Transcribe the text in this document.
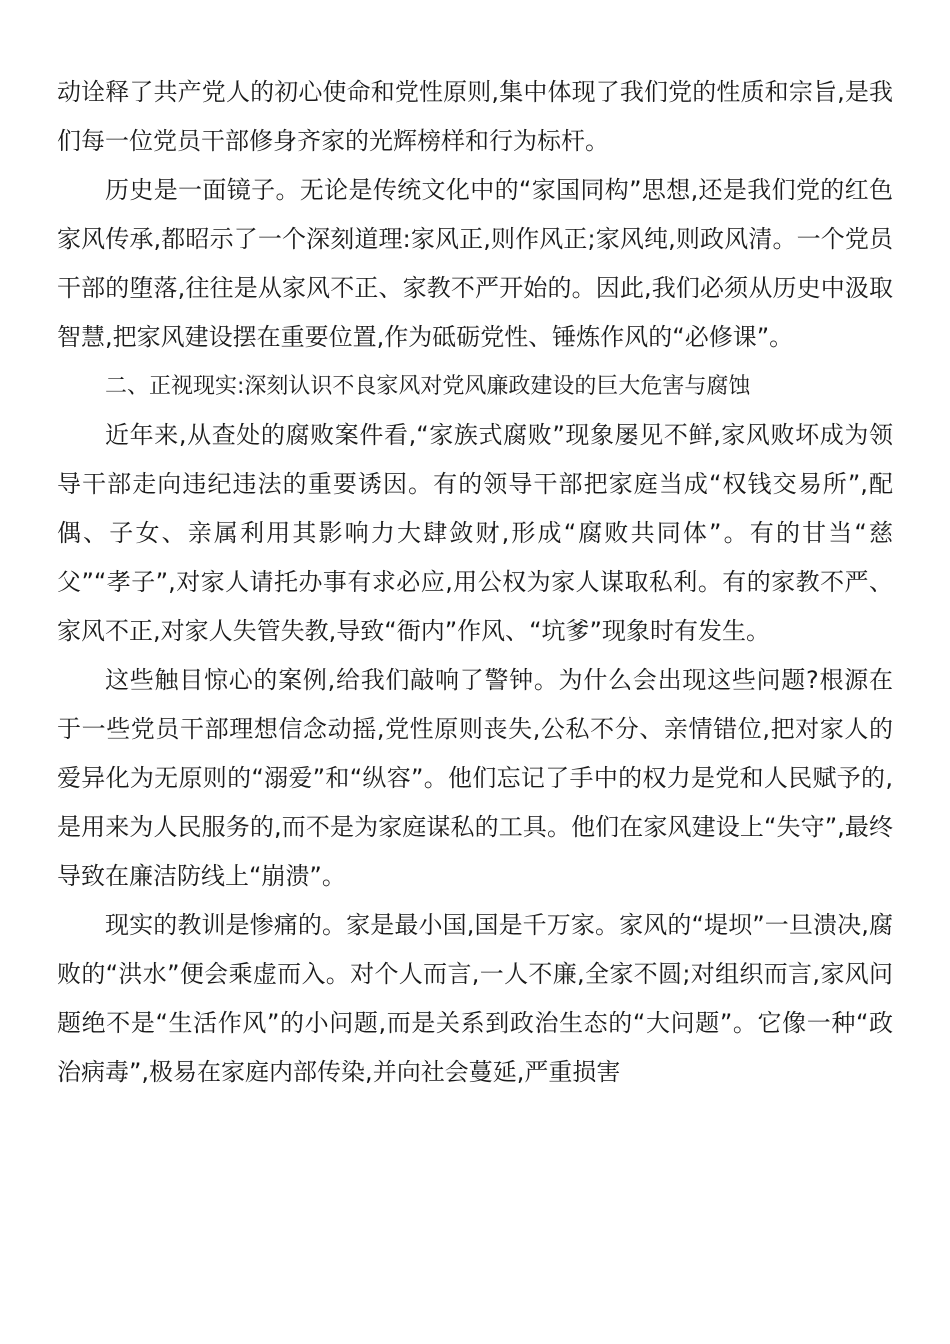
动诠释了共产党人的初心使命和党性原则,集中体现了我们党的性质和宗旨,是我们每一位党员干部修身齐家的光辉榜样和行为标杆。

历史是一面镜子。无论是传统文化中的“家国同构”思想,还是我们党的红色家风传承,都昭示了一个深刻道理:家风正,则作风正;家风纯,则政风清。一个党员干部的堕落,往往是从家风不正、家教不严开始的。因此,我们必须从历史中汲取智慧,把家风建设摆在重要位置,作为砥砺党性、锤炼作风的“必修课”。

二、正视现实:深刻认识不良家风对党风廉政建设的巨大危害与腐蚀

近年来,从查处的腐败案件看,“家族式腐败”现象屡见不鲜,家风败坏成为领导干部走向违纪违法的重要诱因。有的领导干部把家庭当成“权钱交易所”,配偶、子女、亲属利用其影响力大肆敛财,形成“腐败共同体”。有的甘当“慈父”“孝子”,对家人请托办事有求必应,用公权为家人谋取私利。有的家教不严、家风不正,对家人失管失教,导致“衙内”作风、“坑爹”现象时有发生。

这些触目惊心的案例,给我们敲响了警钟。为什么会出现这些问题?根源在于一些党员干部理想信念动摇,党性原则丧失,公私不分、亲情错位,把对家人的爱异化为无原则的“溺爱”和“纵容”。他们忘记了手中的权力是党和人民赋予的,是用来为人民服务的,而不是为家庭谋私的工具。他们在家风建设上“失守”,最终导致在廉洁防线上“崩溃”。

现实的教训是惨痛的。家是最小国,国是千万家。家风的“堤坝”一旦溃决,腐败的“洪水”便会乘虚而入。对个人而言,一人不廉,全家不圆;对组织而言,家风问题绝不是“生活作风”的小问题,而是关系到政治生态的“大问题”。它像一种“政治病毒”,极易在家庭内部传染,并向社会蔓延,严重损害
